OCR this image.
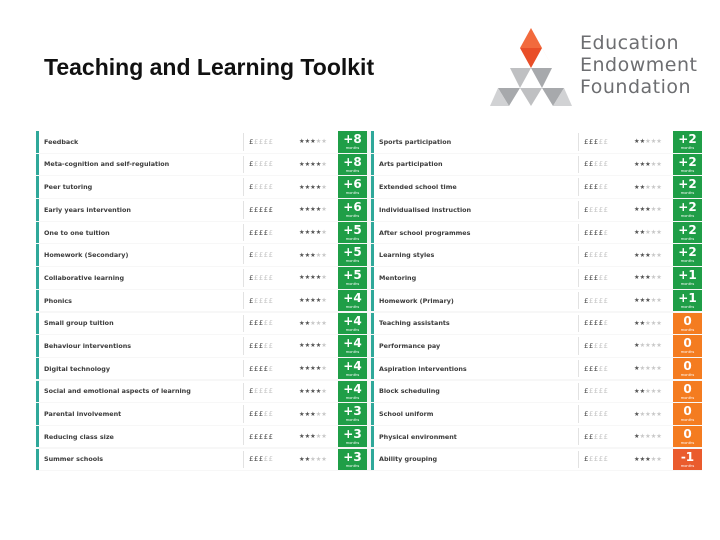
Teaching and Learning Toolkit
Education
Endowment
Foundation
Feedback	£ £ £ £ £	★ ★ ★ ★ ★	+8
months
Meta-cognition and self-regulation	£ £ £ £ £	★ ★ ★ ★ ★	+8
months
Peer tutoring	£ £ £ £ £	★ ★ ★ ★ ★	+6
months
Early years intervention	£ £ £ £ £	★ ★ ★ ★ ★	+6
months
One to one tuition	£ £ £ £ £	★ ★ ★ ★ ★	+5
months
Homework (Secondary)	£ £ £ £ £	★ ★ ★ ★ ★	+5
months
Collaborative learning	£ £ £ £ £	★ ★ ★ ★ ★	+5
months
Phonics	£ £ £ £ £	★ ★ ★ ★ ★	+4
months
Small group tuition	£ £ £ £ £	★ ★ ★ ★ ★	+4
months
Behaviour interventions	£ £ £ £ £	★ ★ ★ ★ ★	+4
months
Digital technology	£ £ £ £ £	★ ★ ★ ★ ★	+4
months
Social and emotional aspects of learning	£ £ £ £ £	★ ★ ★ ★ ★	+4
months
Parental involvement	£ £ £ £ £	★ ★ ★ ★ ★	+3
months
Reducing class size	£ £ £ £ £	★ ★ ★ ★ ★	+3
months
Summer schools	£ £ £ £ £	★ ★ ★ ★ ★	+3
months
Sports participation	£ £ £ £ £	★ ★ ★ ★ ★	+2
months
Arts participation	£ £ £ £ £	★ ★ ★ ★ ★	+2
months
Extended school time	£ £ £ £ £	★ ★ ★ ★ ★	+2
months
Individualised instruction	£ £ £ £ £	★ ★ ★ ★ ★	+2
months
After school programmes	£ £ £ £ £	★ ★ ★ ★ ★	+2
months
Learning styles	£ £ £ £ £	★ ★ ★ ★ ★	+2
months
Mentoring	£ £ £ £ £	★ ★ ★ ★ ★	+1
months
Homework (Primary)	£ £ £ £ £	★ ★ ★ ★ ★	+1
months
Teaching assistants	£ £ £ £ £	★ ★ ★ ★ ★	0
months
Performance pay	£ £ £ £ £	★ ★ ★ ★ ★	0
months
Aspiration interventions	£ £ £ £ £	★ ★ ★ ★ ★	0
months
Block scheduling	£ £ £ £ £	★ ★ ★ ★ ★	0
months
School uniform	£ £ £ £ £	★ ★ ★ ★ ★	0
months
Physical environment	£ £ £ £ £	★ ★ ★ ★ ★	0
months
Ability grouping	£ £ £ £ £	★ ★ ★ ★ ★	-1
months
